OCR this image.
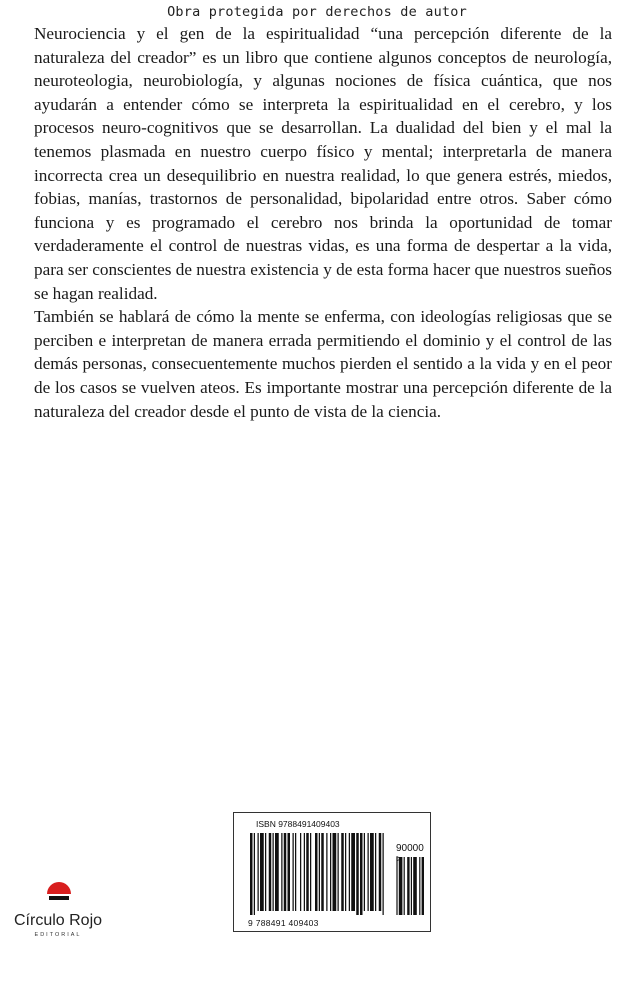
Obra protegida por derechos de autor

Neurociencia y el gen de la espiritualidad “una percepción diferente de la naturaleza del creador” es un libro que contiene algunos conceptos de neurología, neuroteologia, neurobiología, y algunas nociones de física cuántica, que nos ayudarán a entender cómo se interpreta la espiritualidad en el cerebro, y los procesos neuro-cognitivos que se desarrollan. La dualidad del bien y el mal la tenemos plasmada en nuestro cuerpo físico y mental; interpretarla de manera incorrecta crea un desequilibrio en nuestra realidad, lo que genera estrés, miedos, fobias, manías, trastornos de personalidad, bipolaridad entre otros. Saber cómo funciona y es programado el cerebro nos brinda la oportunidad de tomar verdaderamente el control de nuestras vidas, es una forma de despertar a la vida, para ser conscientes de nuestra existencia y de esta forma hacer que nuestros sueños se hagan realidad.

También se hablará de cómo la mente se enferma, con ideologías religiosas que se perciben e interpretan de manera errada permitiendo el dominio y el control de las demás personas, consecuentemente muchos pierden el sentido a la vida y en el peor de los casos se vuelven ateos. Es importante mostrar una percepción diferente de la naturaleza del creador desde el punto de vista de la ciencia.

Círculo Rojo
EDITORIAL
ISBN 9788491409403
90000 >
9 788491 409403
